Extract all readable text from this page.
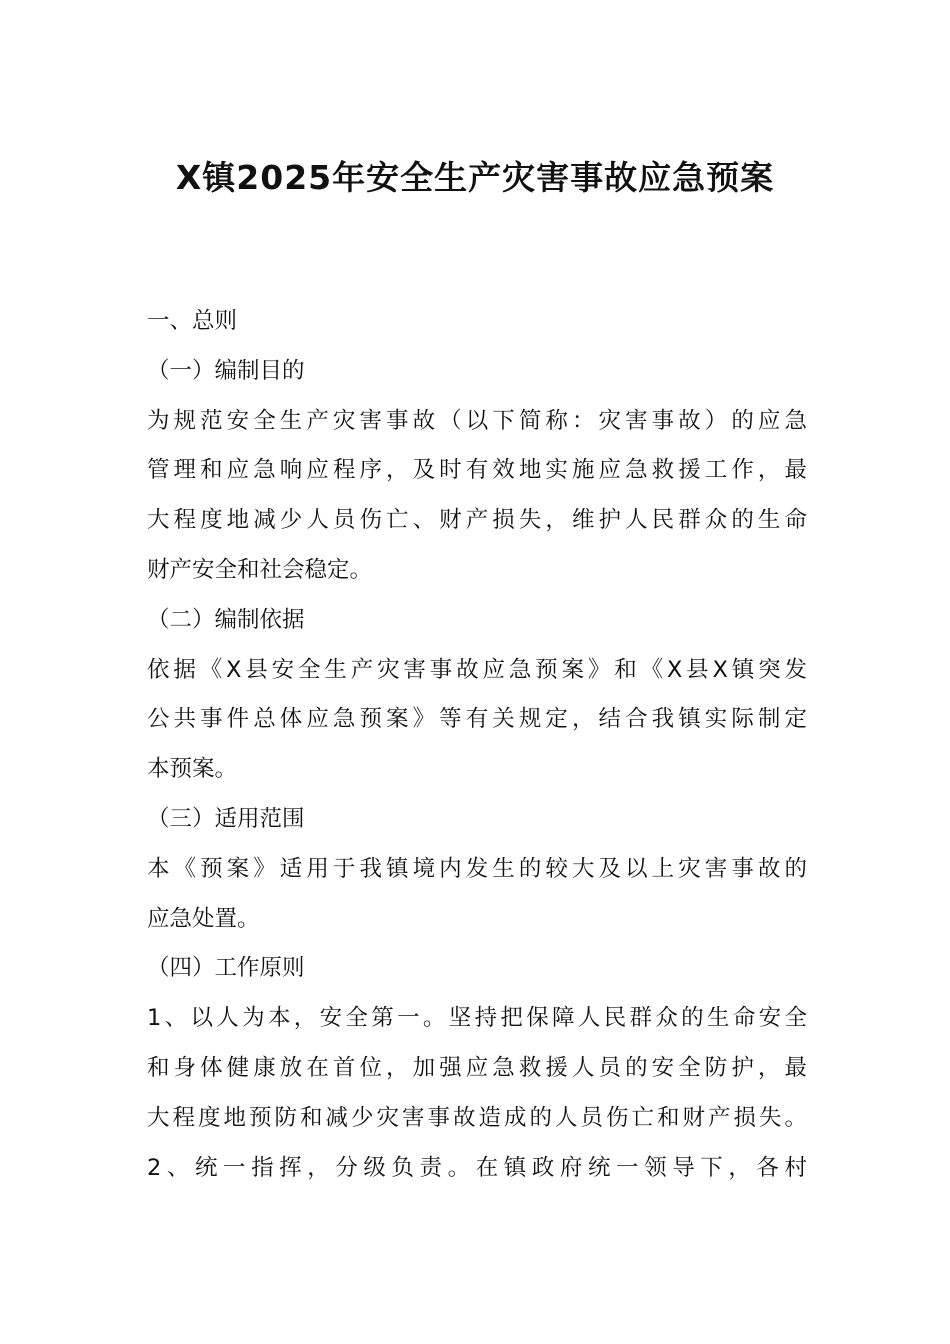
X镇2025年安全生产灾害事故应急预案
一、总则
（一）编制目的
为规范安全生产灾害事故（以下简称：灾害事故）的应急
管理和应急响应程序，及时有效地实施应急救援工作，最
大程度地减少人员伤亡、财产损失，维护人民群众的生命
财产安全和社会稳定。
（二）编制依据
依据《X县安全生产灾害事故应急预案》和《X县X镇突发
公共事件总体应急预案》等有关规定，结合我镇实际制定
本预案。
（三）适用范围
本《预案》适用于我镇境内发生的较大及以上灾害事故的
应急处置。
（四）工作原则
1、以人为本，安全第一。坚持把保障人民群众的生命安全
和身体健康放在首位，加强应急救援人员的安全防护，最
大程度地预防和减少灾害事故造成的人员伤亡和财产损失。
2、统一指挥，分级负责。在镇政府统一领导下，各村
